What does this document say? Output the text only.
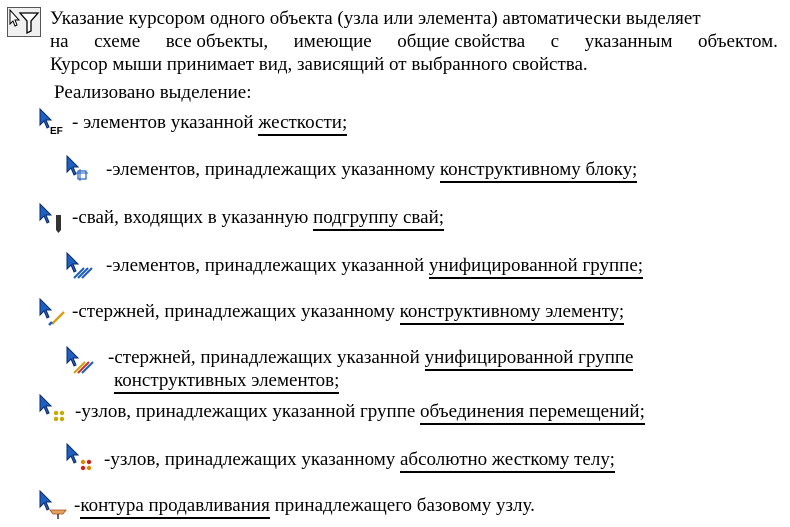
Указание курсором одного объекта (узла или элемента) автоматически выделяет
на схеме все объекты, имеющие общие свойства с указанным объектом.
Курсор мыши принимает вид, зависящий от выбранного свойства.
Реализовано выделение:
EF - элементов указанной жесткости;
-элементов, принадлежащих указанному конструктивному блоку;
-свай, входящих в указанную подгруппу свай;
-элементов, принадлежащих указанной унифицированной группе;
-стержней, принадлежащих указанному конструктивному элементу;
-стержней, принадлежащих указанной унифицированной группе
конструктивных элементов;
-узлов, принадлежащих указанной группе объединения перемещений;
-узлов, принадлежащих указанному абсолютно жесткому телу;
-контура продавливания принадлежащего базовому узлу.
